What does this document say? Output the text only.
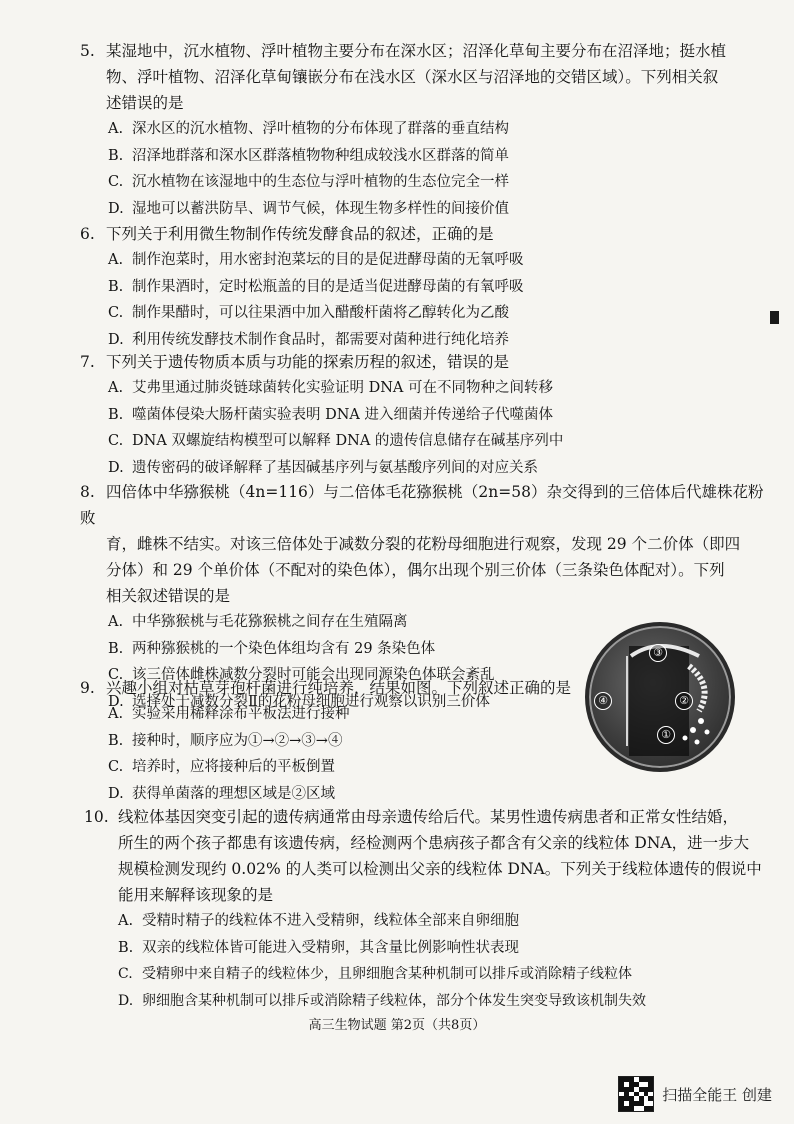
5. 某湿地中，沉水植物、浮叶植物主要分布在深水区；沼泽化草甸主要分布在沼泽地；挺水植

物、浮叶植物、沼泽化草甸镶嵌分布在浅水区（深水区与沼泽地的交错区域）。下列相关叙

述错误的是

A. 深水区的沉水植物、浮叶植物的分布体现了群落的垂直结构

B. 沼泽地群落和深水区群落植物物种组成较浅水区群落的简单

C. 沉水植物在该湿地中的生态位与浮叶植物的生态位完全一样

D. 湿地可以蓄洪防旱、调节气候，体现生物多样性的间接价值

6. 下列关于利用微生物制作传统发酵食品的叙述，正确的是

A. 制作泡菜时，用水密封泡菜坛的目的是促进酵母菌的无氧呼吸

B. 制作果酒时，定时松瓶盖的目的是适当促进酵母菌的有氧呼吸

C. 制作果醋时，可以往果酒中加入醋酸杆菌将乙醇转化为乙酸

D. 利用传统发酵技术制作食品时，都需要对菌种进行纯化培养

7. 下列关于遗传物质本质与功能的探索历程的叙述，错误的是

A. 艾弗里通过肺炎链球菌转化实验证明 DNA 可在不同物种之间转移

B. 噬菌体侵染大肠杆菌实验表明 DNA 进入细菌并传递给子代噬菌体

C. DNA 双螺旋结构模型可以解释 DNA 的遗传信息储存在碱基序列中

D. 遗传密码的破译解释了基因碱基序列与氨基酸序列间的对应关系

8. 四倍体中华猕猴桃（4n=116）与二倍体毛花猕猴桃（2n=58）杂交得到的三倍体后代雄株花粉败

育，雌株不结实。对该三倍体处于减数分裂的花粉母细胞进行观察，发现 29 个二价体（即四

分体）和 29 个单价体（不配对的染色体），偶尔出现个别三价体（三条染色体配对）。下列

相关叙述错误的是

A. 中华猕猴桃与毛花猕猴桃之间存在生殖隔离

B. 两种猕猴桃的一个染色体组均含有 29 条染色体

C. 该三倍体雌株减数分裂时可能会出现同源染色体联会紊乱

D. 选择处于减数分裂Ⅱ的花粉母细胞进行观察以识别三价体

9. 兴趣小组对枯草芽孢杆菌进行纯培养，结果如图。下列叙述正确的是

A. 实验采用稀释涂布平板法进行接种

B. 接种时，顺序应为①→②→③→④

C. 培养时，应将接种后的平板倒置

D. 获得单菌落的理想区域是②区域

10. 线粒体基因突变引起的遗传病通常由母亲遗传给后代。某男性遗传病患者和正常女性结婚，

所生的两个孩子都患有该遗传病，经检测两个患病孩子都含有父亲的线粒体 DNA，进一步大

规模检测发现约 0.02% 的人类可以检测出父亲的线粒体 DNA。下列关于线粒体遗传的假说中

能用来解释该现象的是

A. 受精时精子的线粒体不进入受精卵，线粒体全部来自卵细胞

B. 双亲的线粒体皆可能进入受精卵，其含量比例影响性状表现

C. 受精卵中来自精子的线粒体少，且卵细胞含某种机制可以排斥或消除精子线粒体

D. 卵细胞含某种机制可以排斥或消除精子线粒体，部分个体发生突变导致该机制失效

③
②
①
④
高三生物试题 第2页（共8页）
扫描全能王 创建
